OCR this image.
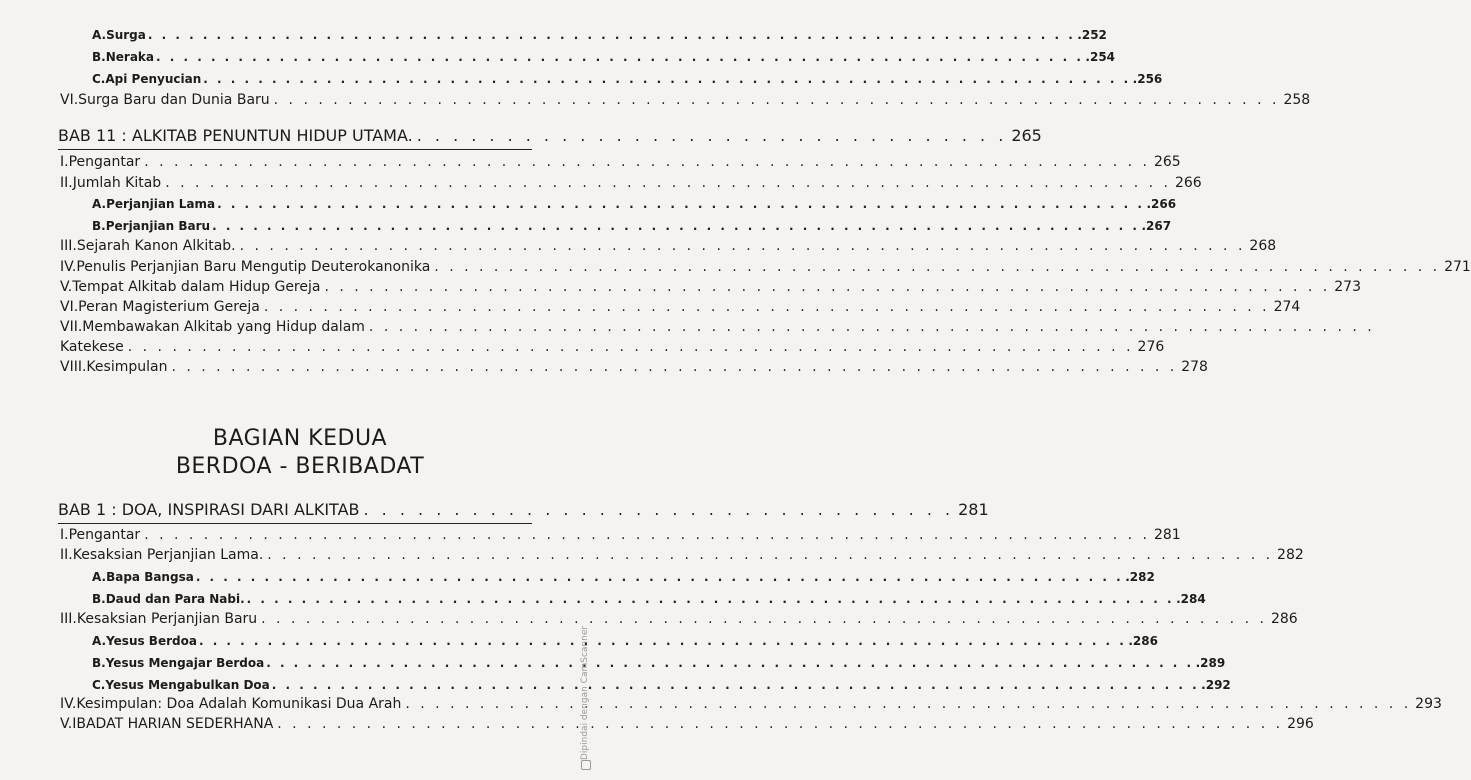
A. Surga . . . . . . . . . . . . . . . . . . . . . . . . . . . . . . . . . . . . . . . . . . . . . . . . . . . . . . . . . . . . . . . . . . . . .252
B. Neraka . . . . . . . . . . . . . . . . . . . . . . . . . . . . . . . . . . . . . . . . . . . . . . . . . . . . . . . . . . . . . . . . . . . . .254
C. Api Penyucian . . . . . . . . . . . . . . . . . . . . . . . . . . . . . . . . . . . . . . . . . . . . . . . . . . . . . . . . . . . . . . . . . . . . .256
VI. Surga Baru dan Dunia Baru . . . . . . . . . . . . . . . . . . . . . . . . . . . . . . . . . . . . . . . . . . . . . . . . . . . . . . . . . . . . . . . . . . . . 258
BAB 11 : ALKITAB PENUNTUN HIDUP UTAMA. . . . . . . . . . . . . . . . . . . . . . . . . . . . . . . . . . 265
I. Pengantar . . . . . . . . . . . . . . . . . . . . . . . . . . . . . . . . . . . . . . . . . . . . . . . . . . . . . . . . . . . . . . . . . . . . 265
II. Jumlah Kitab . . . . . . . . . . . . . . . . . . . . . . . . . . . . . . . . . . . . . . . . . . . . . . . . . . . . . . . . . . . . . . . . . . . . 266
A. Perjanjian Lama . . . . . . . . . . . . . . . . . . . . . . . . . . . . . . . . . . . . . . . . . . . . . . . . . . . . . . . . . . . . . . . . . . . . .266
B. Perjanjian Baru . . . . . . . . . . . . . . . . . . . . . . . . . . . . . . . . . . . . . . . . . . . . . . . . . . . . . . . . . . . . . . . . . . . . .267
III. Sejarah Kanon Alkitab. . . . . . . . . . . . . . . . . . . . . . . . . . . . . . . . . . . . . . . . . . . . . . . . . . . . . . . . . . . . . . . . . . . . . 268
IV. Penulis Perjanjian Baru Mengutip Deuterokanonika . . . . . . . . . . . . . . . . . . . . . . . . . . . . . . . . . . . . . . . . . . . . . . . . . . . . . . . . . . . . . . . . . . . . 271
V. Tempat Alkitab dalam Hidup Gereja . . . . . . . . . . . . . . . . . . . . . . . . . . . . . . . . . . . . . . . . . . . . . . . . . . . . . . . . . . . . . . . . . . . . 273
VI. Peran Magisterium Gereja . . . . . . . . . . . . . . . . . . . . . . . . . . . . . . . . . . . . . . . . . . . . . . . . . . . . . . . . . . . . . . . . . . . . 274
VII. Membawakan Alkitab yang Hidup dalam . . . . . . . . . . . . . . . . . . . . . . . . . . . . . . . . . . . . . . . . . . . . . . . . . . . . . . . . . . . . . . . . . . . .
Katekese . . . . . . . . . . . . . . . . . . . . . . . . . . . . . . . . . . . . . . . . . . . . . . . . . . . . . . . . . . . . . . . . . . . . 276
VIII. Kesimpulan . . . . . . . . . . . . . . . . . . . . . . . . . . . . . . . . . . . . . . . . . . . . . . . . . . . . . . . . . . . . . . . . . . . . 278
BAGIAN KEDUA
BERDOA - BERIBADAT
BAB 1 : DOA, INSPIRASI DARI ALKITAB . . . . . . . . . . . . . . . . . . . . . . . . . . . . . . . . . 281
I. Pengantar . . . . . . . . . . . . . . . . . . . . . . . . . . . . . . . . . . . . . . . . . . . . . . . . . . . . . . . . . . . . . . . . . . . . 281
II. Kesaksian Perjanjian Lama. . . . . . . . . . . . . . . . . . . . . . . . . . . . . . . . . . . . . . . . . . . . . . . . . . . . . . . . . . . . . . . . . . . . . 282
A. Bapa Bangsa . . . . . . . . . . . . . . . . . . . . . . . . . . . . . . . . . . . . . . . . . . . . . . . . . . . . . . . . . . . . . . . . . . . . .282
B. Daud dan Para Nabi. . . . . . . . . . . . . . . . . . . . . . . . . . . . . . . . . . . . . . . . . . . . . . . . . . . . . . . . . . . . . . . . . . . . . .284
III. Kesaksian Perjanjian Baru . . . . . . . . . . . . . . . . . . . . . . . . . . . . . . . . . . . . . . . . . . . . . . . . . . . . . . . . . . . . . . . . . . . . 286
A. Yesus Berdoa . . . . . . . . . . . . . . . . . . . . . . . . . . . . . . . . . . . . . . . . . . . . . . . . . . . . . . . . . . . . . . . . . . . . .286
B. Yesus Mengajar Berdoa . . . . . . . . . . . . . . . . . . . . . . . . . . . . . . . . . . . . . . . . . . . . . . . . . . . . . . . . . . . . . . . . . . . . .289
C. Yesus Mengabulkan Doa . . . . . . . . . . . . . . . . . . . . . . . . . . . . . . . . . . . . . . . . . . . . . . . . . . . . . . . . . . . . . . . . . . . . .292
IV. Kesimpulan: Doa Adalah Komunikasi Dua Arah . . . . . . . . . . . . . . . . . . . . . . . . . . . . . . . . . . . . . . . . . . . . . . . . . . . . . . . . . . . . . . . . . . . . 293
V. IBADAT HARIAN SEDERHANA . . . . . . . . . . . . . . . . . . . . . . . . . . . . . . . . . . . . . . . . . . . . . . . . . . . . . . . . . . . . . . . . . . . . 296
Dipindai dengan CamScanner
